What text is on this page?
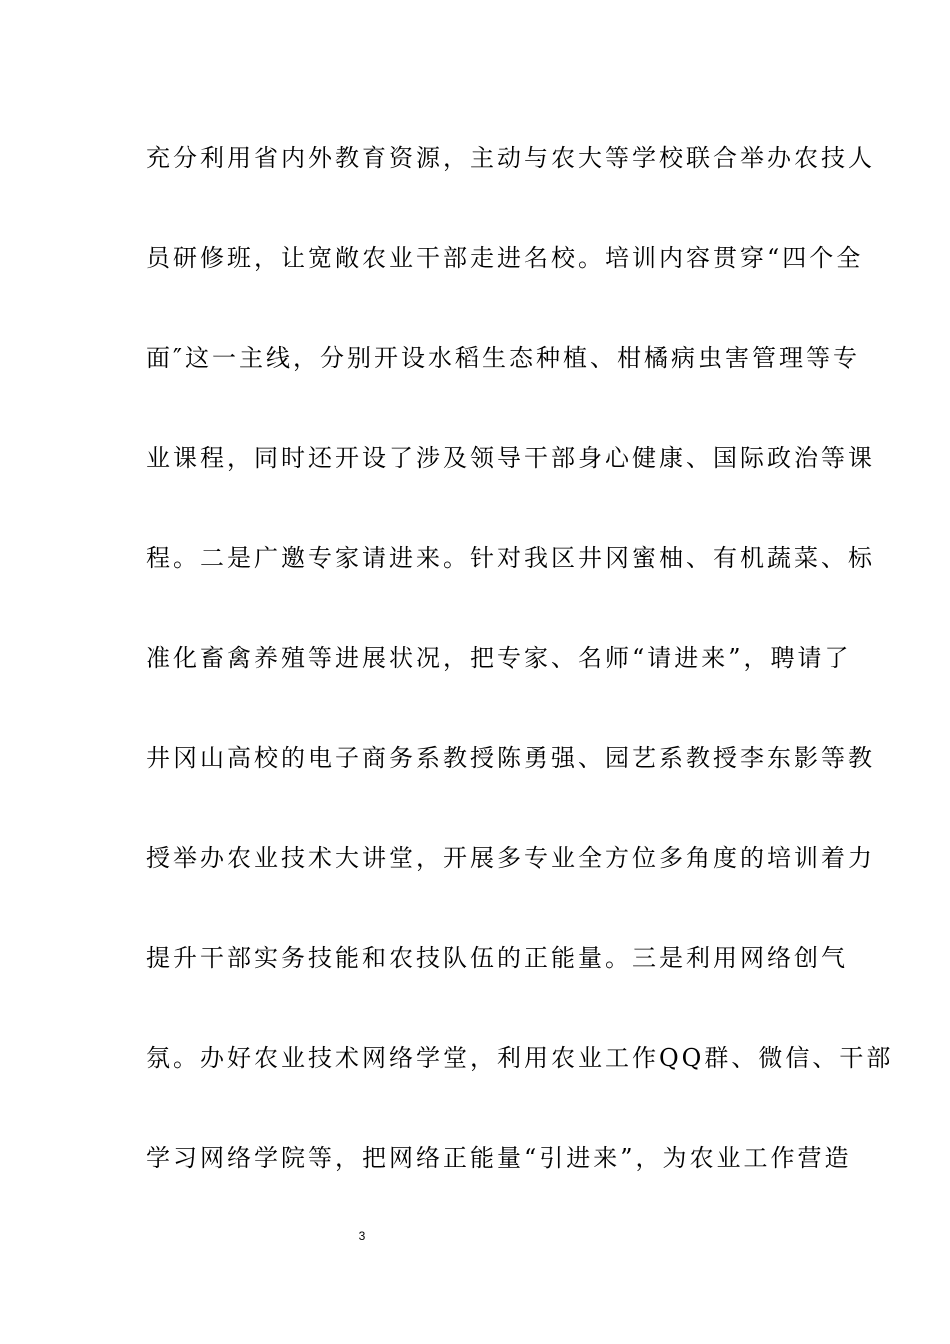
充分利用省内外教育资源，主动与农大等学校联合举办农技人
员研修班，让宽敞农业干部走进名校。培训内容贯穿“四个全
面″这一主线，分别开设水稻生态种植、柑橘病虫害管理等专
业课程，同时还开设了涉及领导干部身心健康、国际政治等课
程。二是广邀专家请进来。针对我区井冈蜜柚、有机蔬菜、标
准化畜禽养殖等进展状况，把专家、名师“请进来”，聘请了
井冈山高校的电子商务系教授陈勇强、园艺系教授李东影等教
授举办农业技术大讲堂，开展多专业全方位多角度的培训着力
提升干部实务技能和农技队伍的正能量。三是利用网络创气
氛。办好农业技术网络学堂，利用农业工作QQ群、微信、干部
学习网络学院等，把网络正能量“引进来”，为农业工作营造
3
